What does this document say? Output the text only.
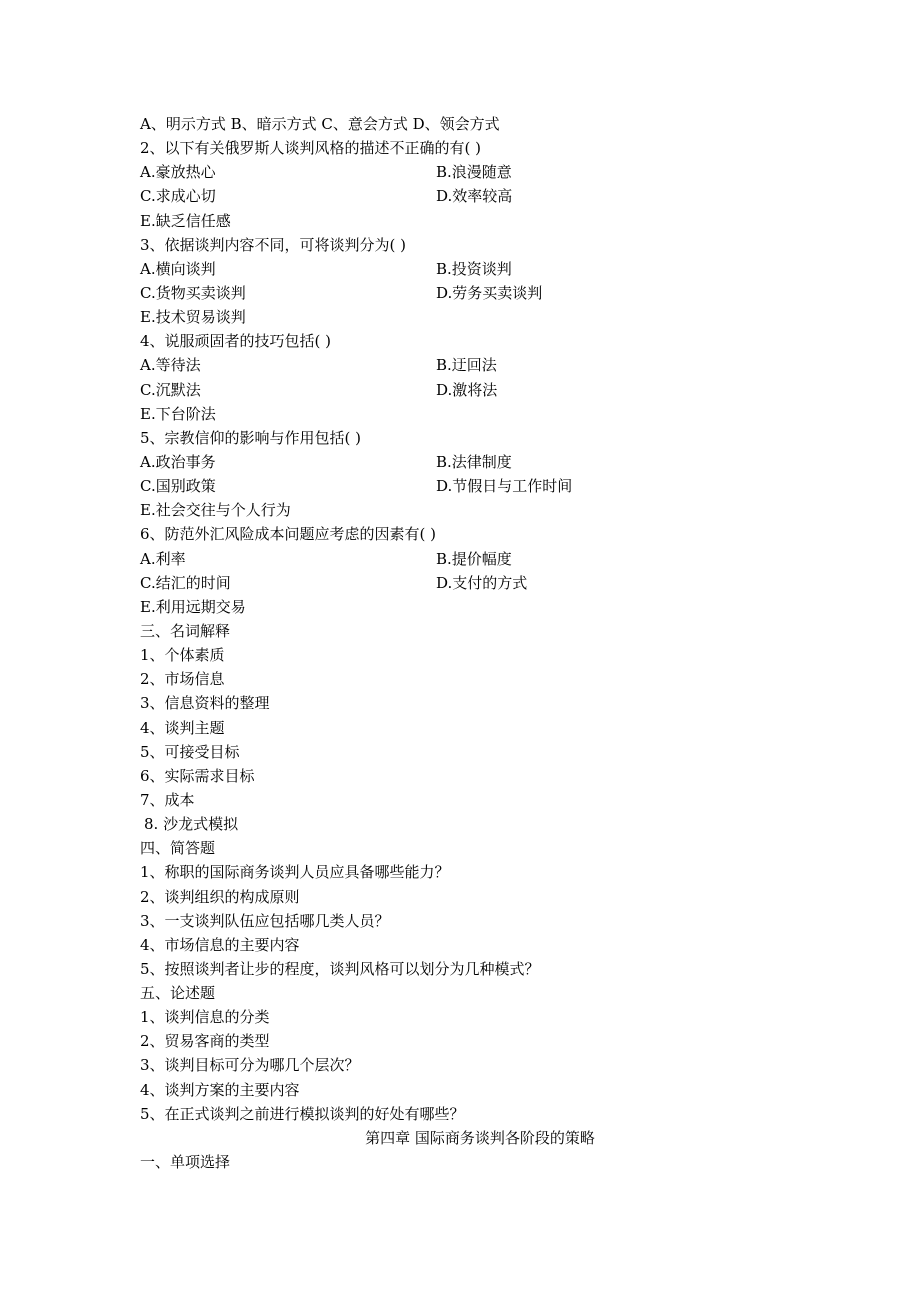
A、明示方式 B、暗示方式 C、意会方式 D、领会方式
2、以下有关俄罗斯人谈判风格的描述不正确的有( )
A.豪放热心	B.浪漫随意
C.求成心切	D.效率较高
E.缺乏信任感
3、依据谈判内容不同，可将谈判分为( )
A.横向谈判	B.投资谈判
C.货物买卖谈判	D.劳务买卖谈判
E.技术贸易谈判
4、说服顽固者的技巧包括( )
A.等待法	B.迂回法
C.沉默法	D.激将法
E.下台阶法
5、宗教信仰的影响与作用包括( )
A.政治事务	B.法律制度
C.国别政策	D.节假日与工作时间
E.社会交往与个人行为
6、防范外汇风险成本问题应考虑的因素有( )
A.利率	B.提价幅度
C.结汇的时间	D.支付的方式
E.利用远期交易
三、名词解释
1、个体素质
2、市场信息
3、信息资料的整理
4、谈判主题
5、可接受目标
6、实际需求目标
7、成本
8. 沙龙式模拟
四、简答题
1、称职的国际商务谈判人员应具备哪些能力？
2、谈判组织的构成原则
3、一支谈判队伍应包括哪几类人员？
4、市场信息的主要内容
5、按照谈判者让步的程度，谈判风格可以划分为几种模式？
五、论述题
1、谈判信息的分类
2、贸易客商的类型
3、谈判目标可分为哪几个层次？
4、谈判方案的主要内容
5、在正式谈判之前进行模拟谈判的好处有哪些？
第四章 国际商务谈判各阶段的策略
一、单项选择
